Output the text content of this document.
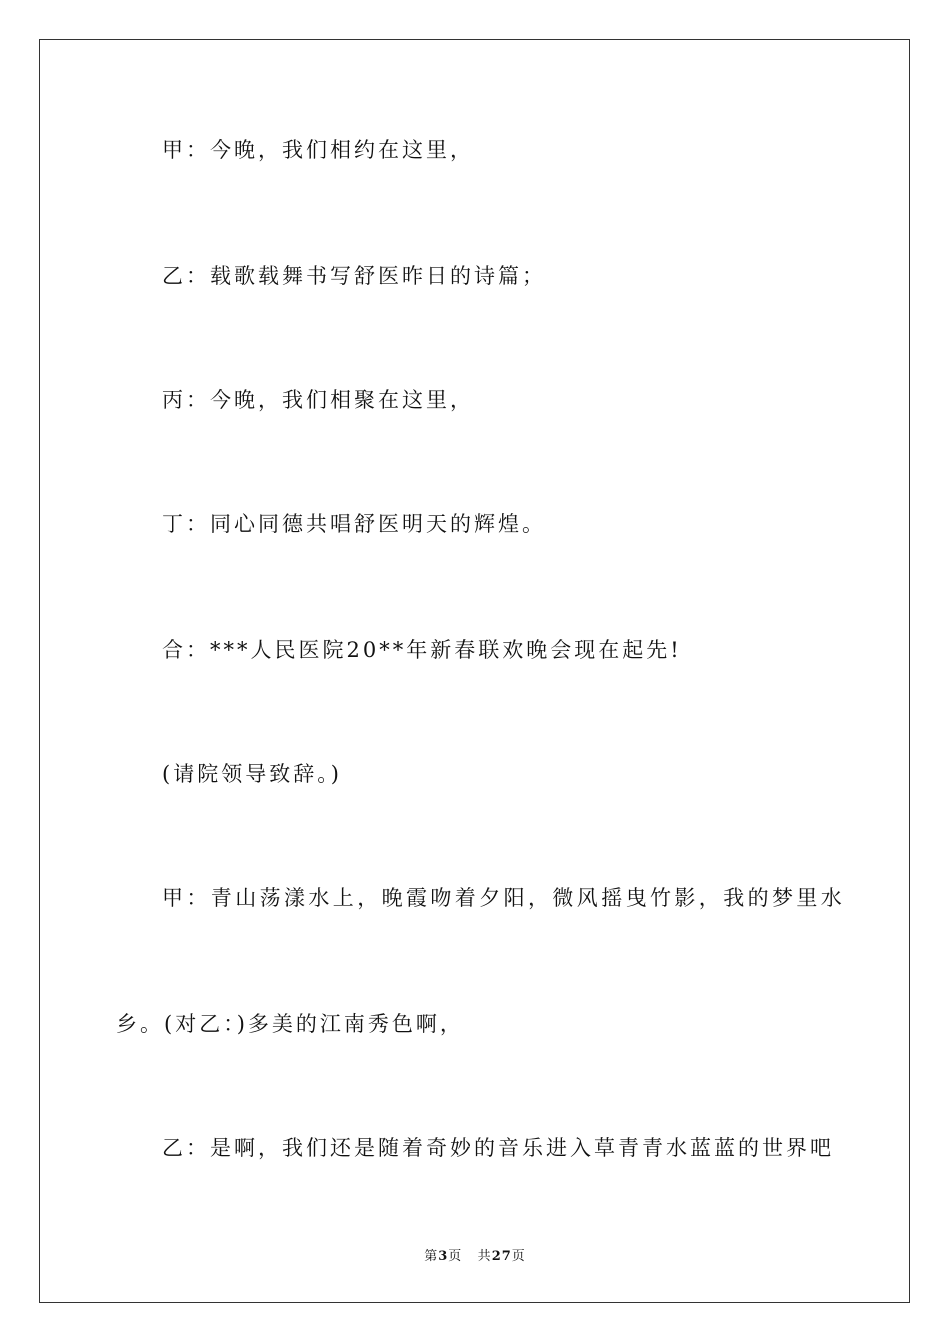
甲：今晚，我们相约在这里，
乙：载歌载舞书写舒医昨日的诗篇；
丙：今晚，我们相聚在这里，
丁：同心同德共唱舒医明天的辉煌。
合：***人民医院20**年新春联欢晚会现在起先!
(请院领导致辞。)
甲：青山荡漾水上，晚霞吻着夕阳，微风摇曳竹影，我的梦里水
乡。(对乙：)多美的江南秀色啊，
乙：是啊，我们还是随着奇妙的音乐进入草青青水蓝蓝的世界吧
第3页 共27页
